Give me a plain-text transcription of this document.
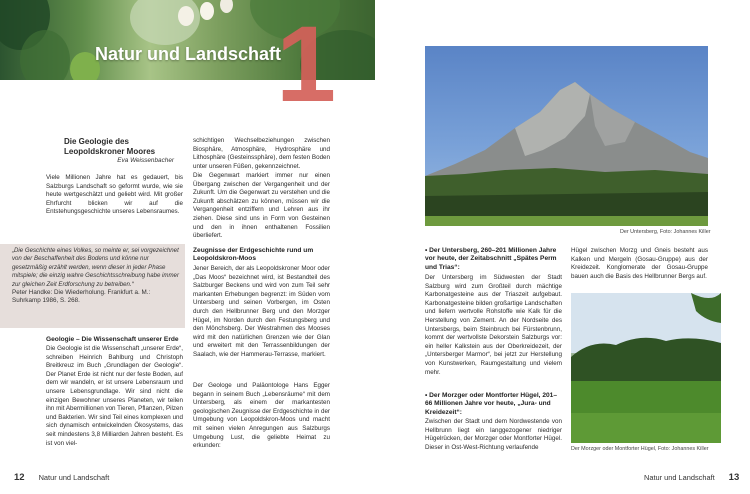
1
Natur und Landschaft
Die Geologie des Leopoldskroner Moores
Eva Weissenbacher
Viele Millionen Jahre hat es gedauert, bis Salzburgs Landschaft so geformt wurde, wie sie heute wertgeschätzt und geliebt wird. Mit großer Ehrfurcht blicken wir auf die Entstehungsgeschichte unseres Lebensraumes.
„Die Geschichte eines Volkes, so meinte er, sei vorgezeichnet von der Beschaffenheit des Bodens und könne nur gesetzmäßig erzählt werden, wenn dieser in jeder Phase mitspiele; die einzig wahre Geschichtsschreibung habe immer zur gleichen Zeit Erdforschung zu betreiben.“
Peter Handke: Die Wiederholung. Frankfurt a. M.: Suhrkamp 1986, S. 268.
Geologie – Die Wissenschaft unserer Erde
Die Geologie ist die Wissenschaft „unserer Erde“, schreiben Heinrich Bahlburg und Christoph Breitkreuz im Buch „Grundlagen der Geologie“. Der Planet Erde ist nicht nur der feste Boden, auf dem wir wandeln, er ist unsere Lebensraum und unsere Lebensgrundlage. Wir sind nicht die einzigen Bewohner unseres Planeten, wir teilen ihn mit Abermillionen von Tieren, Pflanzen, Pilzen und Bakterien. Wir sind Teil eines komplexen und sich dynamisch entwickelnden Ökosystems, das seit mindestens 3,8 Milliarden Jahren besteht. Es ist von viel-
schichtigen Wechselbeziehungen zwischen Biosphäre, Atmosphäre, Hydrosphäre und Lithosphäre (Gesteinssphäre), dem festen Boden unter unseren Füßen, gekennzeichnet.
Die Gegenwart markiert immer nur einen Übergang zwischen der Vergangenheit und der Zukunft. Um die Gegenwart zu verstehen und die Zukunft abschätzen zu können, müssen wir die Vergangenheit entziffern und Lehren aus ihr ziehen. Diese sind uns in Form von Gesteinen und den in ihnen enthaltenen Fossilien überliefert.
Zeugnisse der Erdgeschichte rund um Leopoldskron-Moos
Jener Bereich, der als Leopoldskroner Moor oder „Das Moos“ bezeichnet wird, ist Bestandteil des Salzburger Beckens und wird von zum Teil sehr markanten Erhebungen begrenzt: im Süden vom Untersberg und seinen Vorbergen, im Osten durch den Hellbrunner Berg und den Morzger Hügel, im Norden durch den Festungsberg und den Mönchsberg. Der Westrahmen des Mooses wird mit den natürlichen Grenzen wie der Glan und erweitert mit den Terrassenbildungen der Saalach, wie der Hammerau-Terrasse, markiert.
Der Geologe und Paläontologe Hans Egger begann in seinem Buch „Lebensräume“ mit dem Untersberg, als einem der markantesten geologischen Zeugnisse der Erdgeschichte in der Umgebung von Leopoldskron-Moos und macht mit seinen vielen Anregungen aus Salzburgs Umgebung Lust, die geliebte Heimat zu erkunden:
12 Natur und Landschaft
Der Untersberg, Foto: Johannes Killer
• Der Untersberg, 260–201 Millionen Jahre vor heute, der Zeitabschnitt „Spätes Perm und Trias“:
Der Untersberg im Südwesten der Stadt Salzburg wird zum Großteil durch mächtige Karbonatgesteine aus der Triaszeit aufgebaut. Karbonatgesteine bilden großartige Landschaften und liefern wertvolle Rohstoffe wie Kalk für die Herstellung von Zement. An der Nordseite des Untersbergs, beim Steinbruch bei Fürstenbrunn, kommt der wertvollste Dekorstein Salzburgs vor: ein heller Kalkstein aus der Oberkreidezeit, der „Untersberger Marmor“, bei jetzt zur Herstellung von Kunstwerken, Raumgestaltung und vielem mehr.
• Der Morzger oder Montforter Hügel, 201–66 Millionen Jahre vor heute, „Jura- und Kreidezeit“:
Zwischen der Stadt und dem Nordwestende von Hellbrunn liegt ein langgezogener niedriger Hügelrücken, der Morzger oder Montforter Hügel. Dieser in Ost-West-Richtung verlaufende
Hügel zwischen Morzg und Gneis besteht aus Kalken und Mergeln (Gosau-Gruppe) aus der Kreidezeit. Konglomerate der Gosau-Gruppe bauen auch die Basis des Hellbrunner Bergs auf.
Der Morzger oder Montforter Hügel, Foto: Johannes Killer
Natur und Landschaft 13
